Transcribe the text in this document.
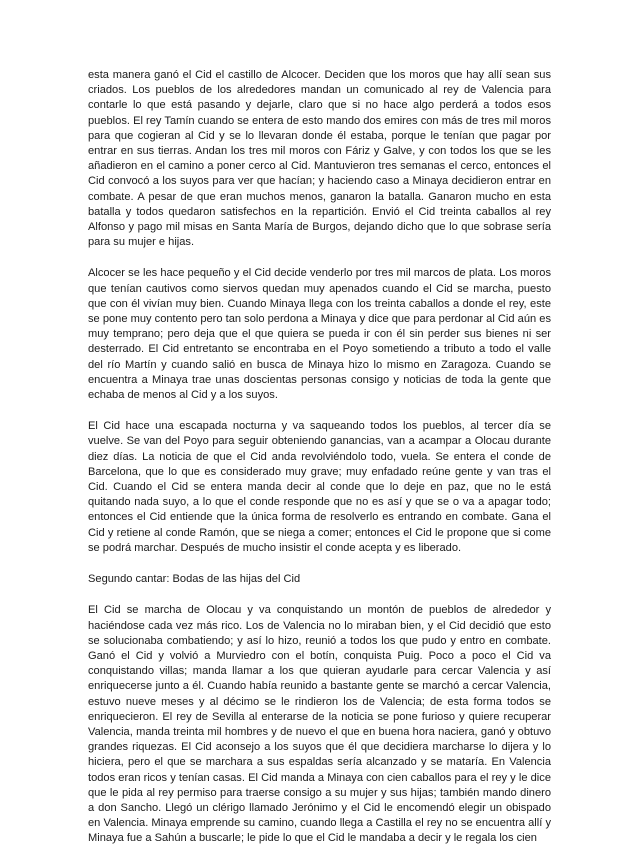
esta manera ganó el Cid el castillo de Alcocer. Deciden que los moros que hay allí sean sus criados. Los pueblos de los alrededores mandan un comunicado al rey de Valencia para contarle lo que está pasando y dejarle, claro que si no hace algo perderá a todos esos pueblos. El rey Tamín cuando se entera de esto mando dos emires con más de tres mil moros para que cogieran al Cid y se lo llevaran donde él estaba, porque le tenían que pagar por entrar en sus tierras. Andan los tres mil moros con Fáriz y Galve, y con todos los que se les añadieron en el camino a poner cerco al Cid. Mantuvieron tres semanas el cerco, entonces el Cid convocó a los suyos para ver que hacían; y haciendo caso a Minaya decidieron entrar en combate. A pesar de que eran muchos menos, ganaron la batalla. Ganaron mucho en esta batalla y todos quedaron satisfechos en la repartición. Envió el Cid treinta caballos al rey Alfonso y pago mil misas en Santa María de Burgos, dejando dicho que lo que sobrase sería para su mujer e hijas.

Alcocer se les hace pequeño y el Cid decide venderlo por tres mil marcos de plata. Los moros que tenían cautivos como siervos quedan muy apenados cuando el Cid se marcha, puesto que con él vivían muy bien. Cuando Minaya llega con los treinta caballos a donde el rey, este se pone muy contento pero tan solo perdona a Minaya y dice que para perdonar al Cid aún es muy temprano; pero deja que el que quiera se pueda ir con él sin perder sus bienes ni ser desterrado. El Cid entretanto se encontraba en el Poyo sometiendo a tributo a todo el valle del río Martín y cuando salió en busca de Minaya hizo lo mismo en Zaragoza. Cuando se encuentra a Minaya trae unas doscientas personas consigo y noticias de toda la gente que echaba de menos al Cid y a los suyos.

El Cid hace una escapada nocturna y va saqueando todos los pueblos, al tercer día se vuelve. Se van del Poyo para seguir obteniendo ganancias, van a acampar a Olocau durante diez días. La noticia de que el Cid anda revolviéndolo todo, vuela. Se entera el conde de Barcelona, que lo que es considerado muy grave; muy enfadado reúne gente y van tras el Cid. Cuando el Cid se entera manda decir al conde que lo deje en paz, que no le está quitando nada suyo, a lo que el conde responde que no es así y que se o va a apagar todo; entonces el Cid entiende que la única forma de resolverlo es entrando en combate. Gana el Cid y retiene al conde Ramón, que se niega a comer; entonces el Cid le propone que si come se podrá marchar. Después de mucho insistir el conde acepta y es liberado.

Segundo cantar: Bodas de las hijas del Cid

El Cid se marcha de Olocau y va conquistando un montón de pueblos de alrededor y haciéndose cada vez más rico. Los de Valencia no lo miraban bien, y el Cid decidió que esto se solucionaba combatiendo; y así lo hizo, reunió a todos los que pudo y entro en combate. Ganó el Cid y volvió a Murviedro con el botín, conquista Puig. Poco a poco el Cid va conquistando villas; manda llamar a los que quieran ayudarle para cercar Valencia y así enriquecerse junto a él. Cuando había reunido a bastante gente se marchó a cercar Valencia, estuvo nueve meses y al décimo se le rindieron los de Valencia; de esta forma todos se enriquecieron. El rey de Sevilla al enterarse de la noticia se pone furioso y quiere recuperar Valencia, manda treinta mil hombres y de nuevo el que en buena hora naciera, ganó y obtuvo grandes riquezas. El Cid aconsejo a los suyos que él que decidiera marcharse lo dijera y lo hiciera, pero el que se marchara a sus espaldas sería alcanzado y se mataría. En Valencia todos eran ricos y tenían casas. El Cid manda a Minaya con cien caballos para el rey y le dice que le pida al rey permiso para traerse consigo a su mujer y sus hijas; también mando dinero a don Sancho. Llegó un clérigo llamado Jerónimo y el Cid le encomendó elegir un obispado en Valencia. Minaya emprende su camino, cuando llega a Castilla el rey no se encuentra allí y Minaya fue a Sahún a buscarle; le pide lo que el Cid le mandaba a decir y le regala los cien
